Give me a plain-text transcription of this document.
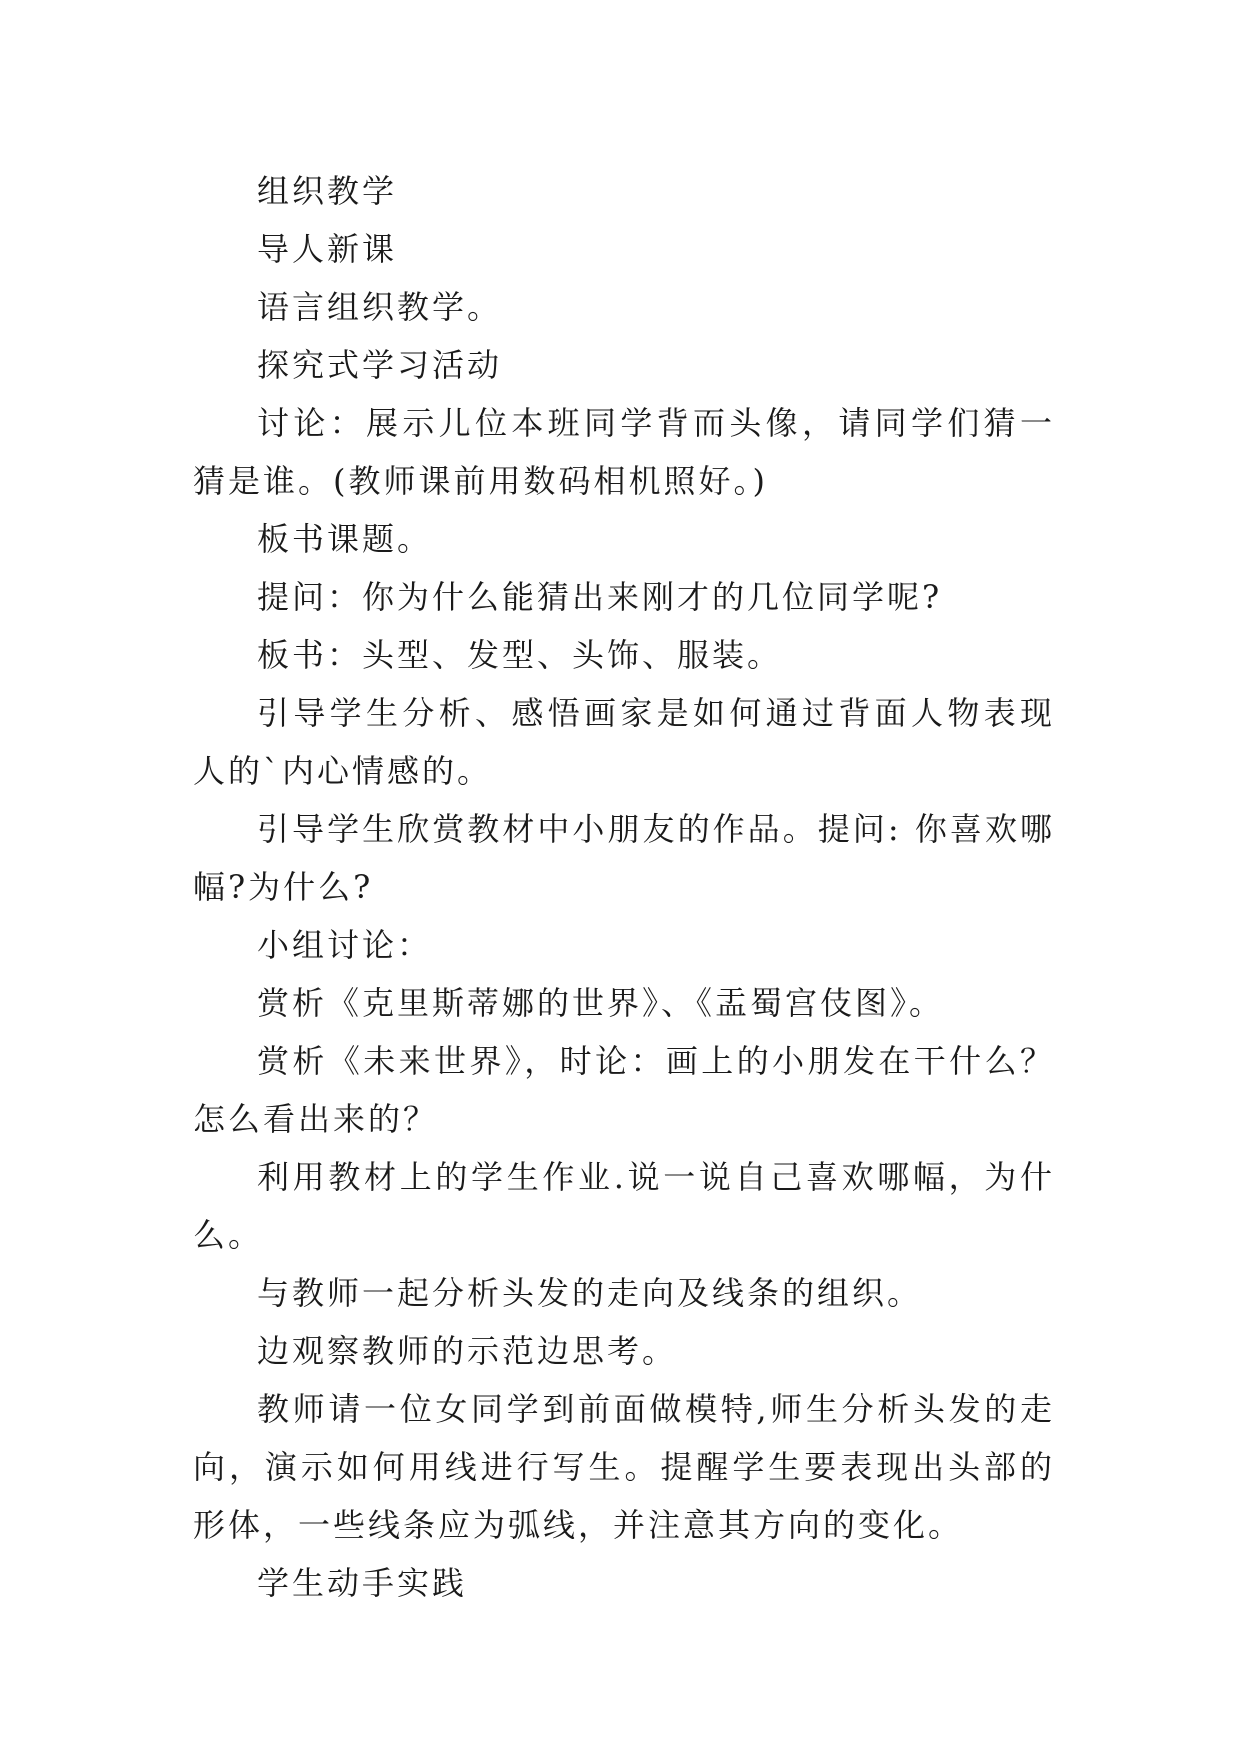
组织教学

导人新课

语言组织教学。

探究式学习活动

讨论：展示儿位本班同学背而头像，请同学们猜一猜是谁。(教师课前用数码相机照好。)

板书课题。

提问：你为什么能猜出来刚才的几位同学呢?

板书：头型、发型、头饰、服装。

引导学生分析、感悟画家是如何通过背面人物表现人的`内心情感的。

引导学生欣赏教材中小朋友的作品。提问: 你喜欢哪幅?为什么?

小组讨论：

赏析《克里斯蒂娜的世界》、《盂蜀宫伎图》。

赏析《未来世界》，时论：画上的小朋发在干什么？怎么看出来的？

利用教材上的学生作业.说一说自己喜欢哪幅，为什么。

与教师一起分析头发的走向及线条的组织。

边观察教师的示范边思考。

教师请一位女同学到前面做模特,师生分析头发的走向，演示如何用线进行写生。提醒学生要表现出头部的形体，一些线条应为弧线，并注意其方向的变化。

学生动手实践
